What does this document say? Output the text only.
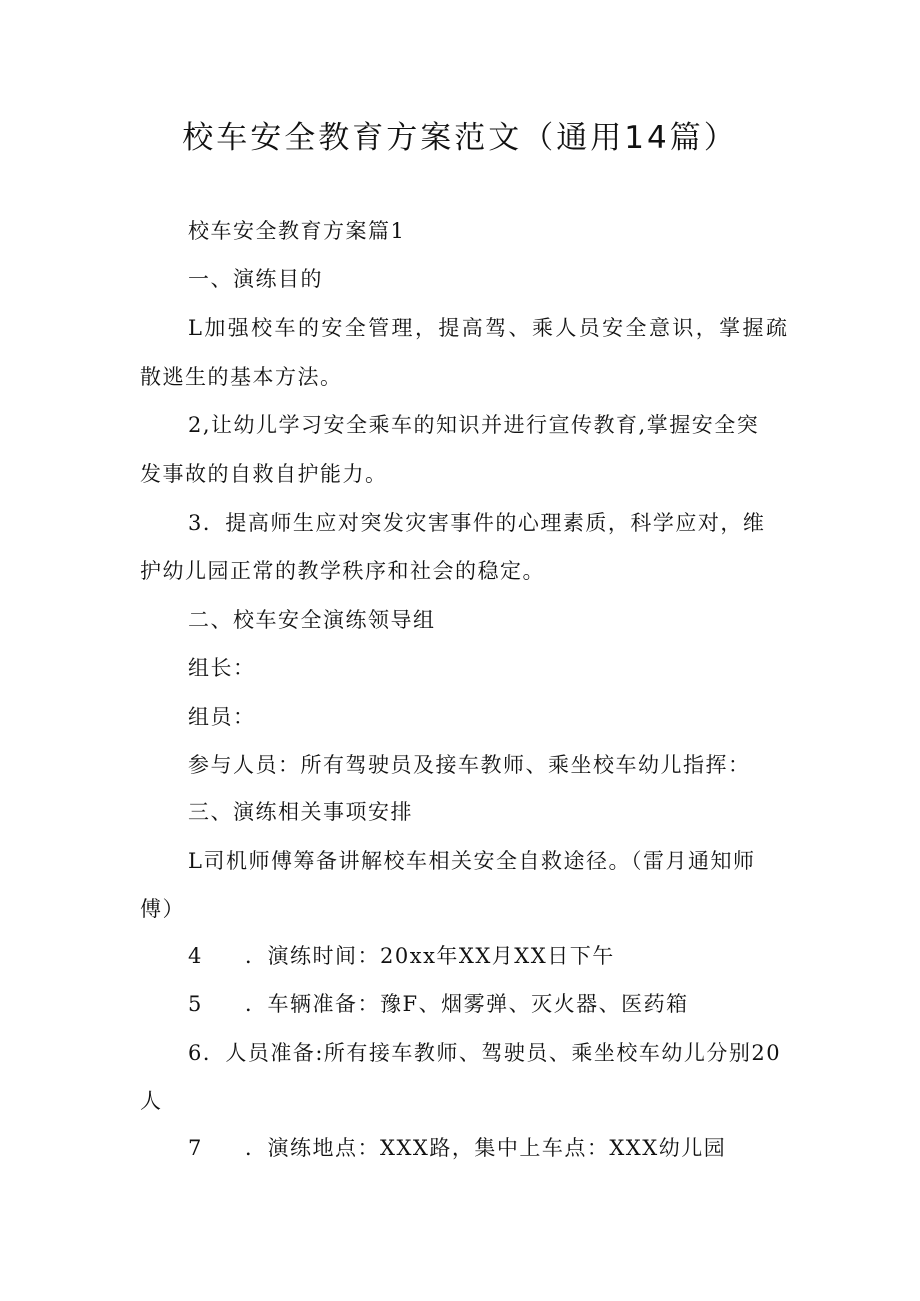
校车安全教育方案范文（通用14篇）

校车安全教育方案篇1

一、演练目的

L加强校车的安全管理，提高驾、乘人员安全意识，掌握疏

散逃生的基本方法。

2,让幼儿学习安全乘车的知识并进行宣传教育,掌握安全突

发事故的自救自护能力。

3．提高师生应对突发灾害事件的心理素质，科学应对，维

护幼儿园正常的教学秩序和社会的稳定。

二、校车安全演练领导组

组长：

组员：

参与人员：所有驾驶员及接车教师、乘坐校车幼儿指挥：

三、演练相关事项安排

L司机师傅筹备讲解校车相关安全自救途径。（雷月通知师

傅）

4 ．演练时间：20xx年XX月XX日下午

5 ．车辆准备：豫F、烟雾弹、灭火器、医药箱

6．人员准备:所有接车教师、驾驶员、乘坐校车幼儿分别20

人

7 ．演练地点：XXX路，集中上车点：XXX幼儿园
